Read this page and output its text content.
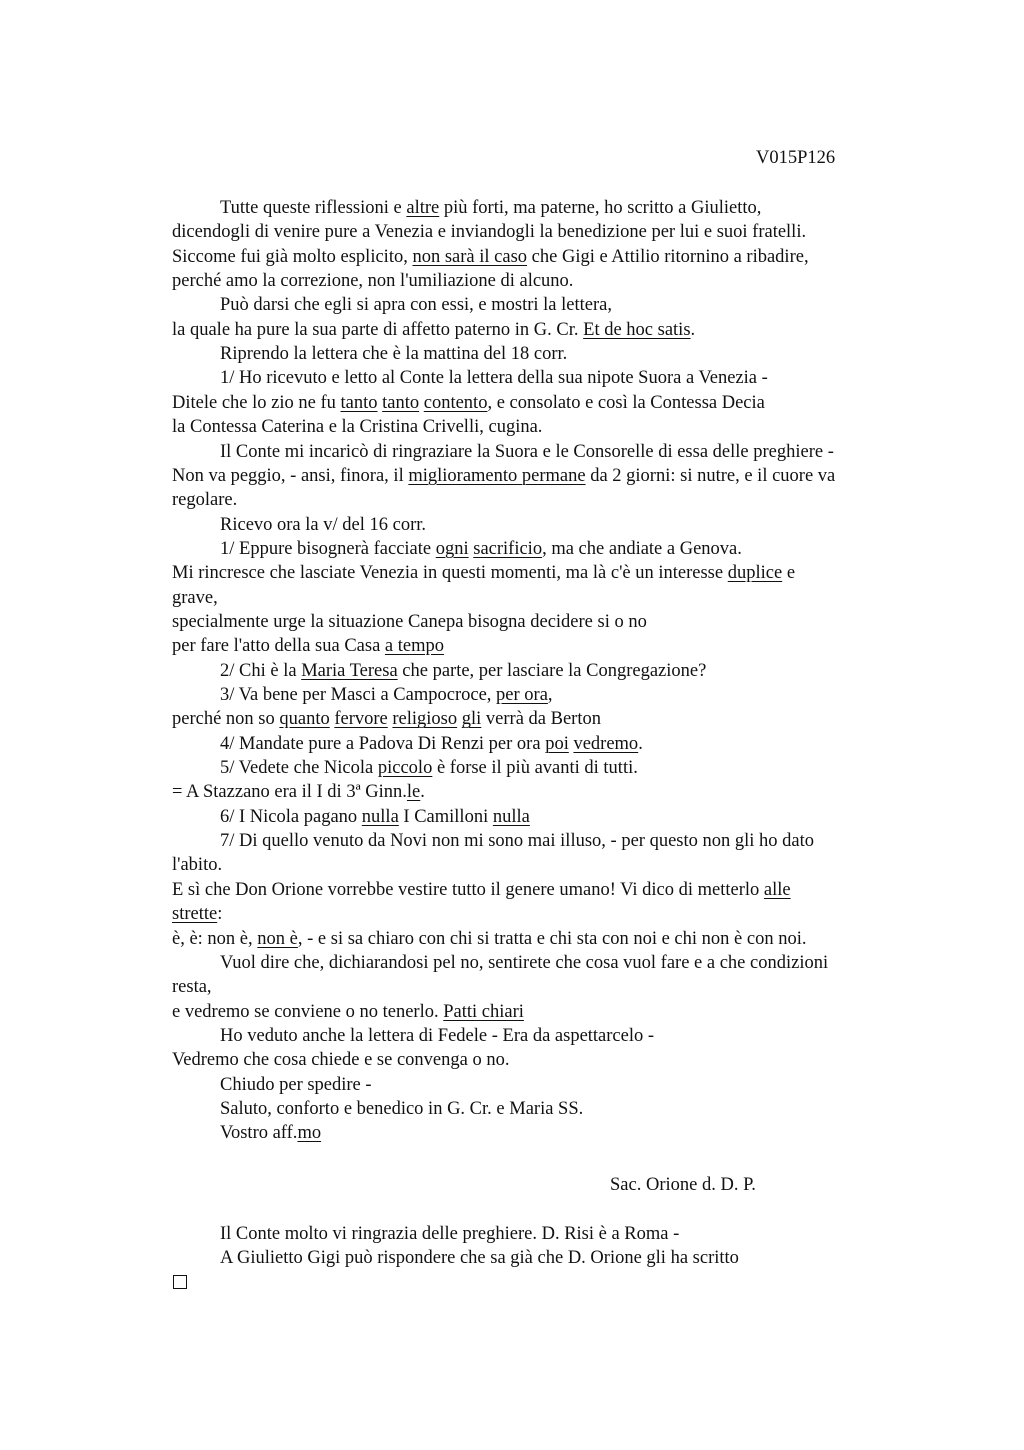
V015P126
Tutte queste riflessioni e altre più forti, ma paterne, ho scritto a Giulietto,
dicendogli di venire pure a Venezia e inviandogli la benedizione per lui e suoi fratelli.
Siccome fui già molto esplicito, non sarà il caso che Gigi e Attilio ritornino a ribadire,
perché amo la correzione, non l'umiliazione di alcuno.
Può darsi che egli si apra con essi, e mostri la lettera,
la quale ha pure la sua parte di affetto paterno in G. Cr. Et de hoc satis.
Riprendo la lettera che è la mattina del 18 corr.
1/ Ho ricevuto e letto al Conte la lettera della sua nipote Suora a Venezia -
Ditele che lo zio ne fu tanto tanto contento, e consolato e così la Contessa Decia
la Contessa Caterina e la Cristina Crivelli, cugina.
Il Conte mi incaricò di ringraziare la Suora e le Consorelle di essa delle preghiere -
Non va peggio, - ansi, finora, il miglioramento permane da 2 giorni: si nutre, e il cuore va
regolare.
Ricevo ora la v/ del 16 corr.
1/ Eppure bisognerà facciate ogni sacrificio, ma che andiate a Genova.
Mi rincresce che lasciate Venezia in questi momenti, ma là c'è un interesse duplice e
grave,
specialmente urge la situazione Canepa bisogna decidere si o no
per fare l'atto della sua Casa a tempo
2/ Chi è la Maria Teresa che parte, per lasciare la Congregazione?
3/ Va bene per Masci a Campocroce, per ora,
perché non so quanto fervore religioso gli verrà da Berton
4/ Mandate pure a Padova Di Renzi per ora poi vedremo.
5/ Vedete che Nicola piccolo è forse il più avanti di tutti.
= A Stazzano era il I di 3ª Ginn.le.
6/ I Nicola pagano nulla I Camilloni nulla
7/ Di quello venuto da Novi non mi sono mai illuso, - per questo non gli ho dato
l'abito.
E sì che Don Orione vorrebbe vestire tutto il genere umano! Vi dico di metterlo alle
strette:
è, è: non è, non è, - e si sa chiaro con chi si tratta e chi sta con noi e chi non è con noi.
Vuol dire che, dichiarandosi pel no, sentirete che cosa vuol fare e a che condizioni
resta,
e vedremo se conviene o no tenerlo. Patti chiari
Ho veduto anche la lettera di Fedele - Era da aspettarcelo -
Vedremo che cosa chiede e se convenga o no.
Chiudo per spedire -
Saluto, conforto e benedico in G. Cr. e Maria SS.
Vostro aff.mo
Sac. Orione d. D. P.
Il Conte molto vi ringrazia delle preghiere. D. Risi è a Roma -
A Giulietto Gigi può rispondere che sa già che D. Orione gli ha scritto
